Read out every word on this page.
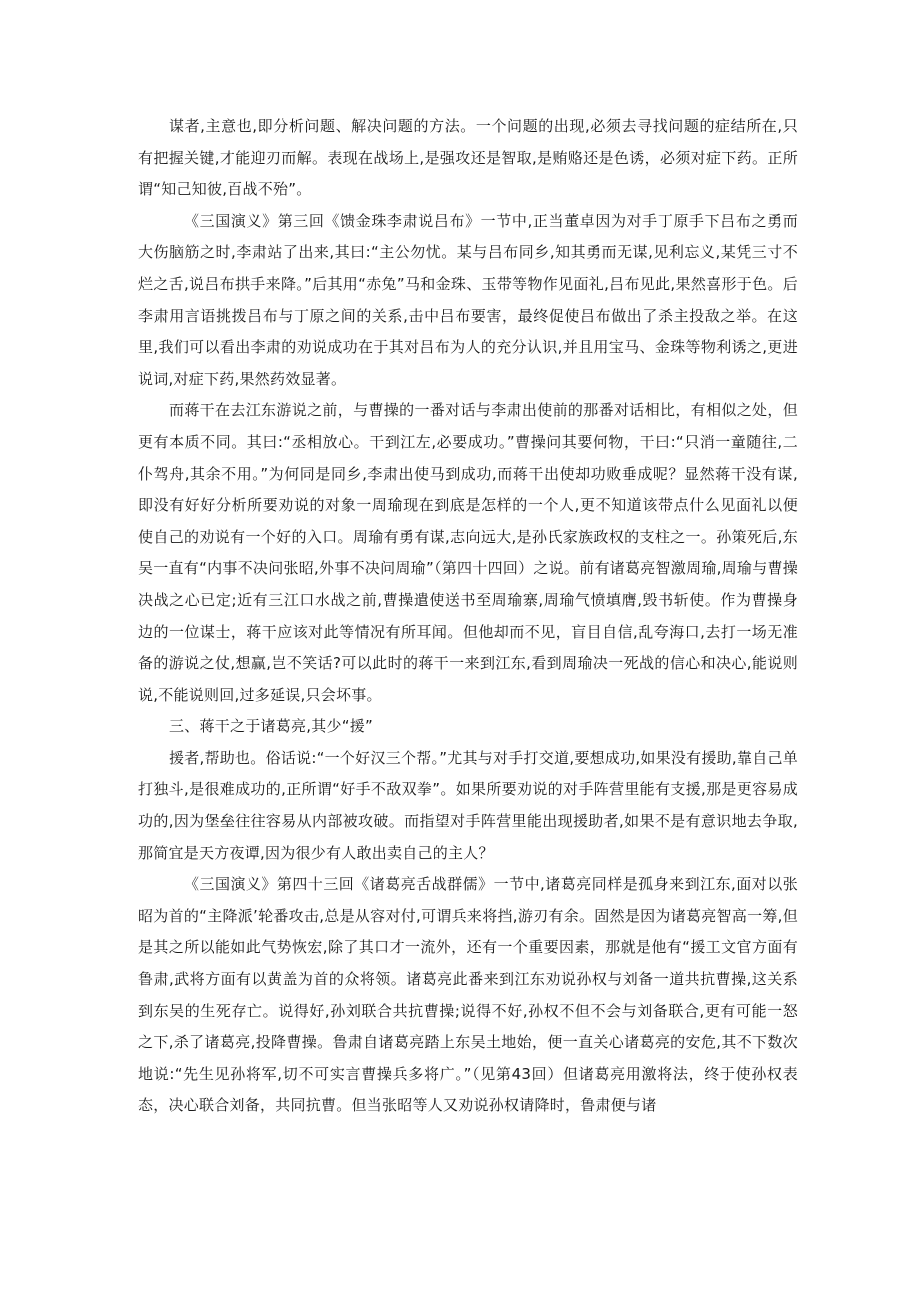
谋者,主意也,即分析问题、解决问题的方法。一个问题的出现,必须去寻找问题的症结所在,只有把握关键,才能迎刃而解。表现在战场上,是强攻还是智取,是贿赂还是色诱，必须对症下药。正所谓“知己知彼,百战不殆”。

《三国演义》第三回《馈金珠李肃说吕布》一节中,正当董卓因为对手丁原手下吕布之勇而大伤脑筋之时,李肃站了出来,其曰:“主公勿忧。某与吕布同乡,知其勇而无谋,见利忘义,某凭三寸不烂之舌,说吕布拱手来降。”后其用“赤兔”马和金珠、玉带等物作见面礼,吕布见此,果然喜形于色。后李肃用言语挑拨吕布与丁原之间的关系,击中吕布要害，最终促使吕布做出了杀主投敌之举。在这里,我们可以看出李肃的劝说成功在于其对吕布为人的充分认识,并且用宝马、金珠等物利诱之,更进说词,对症下药,果然药效显著。

而蒋干在去江东游说之前，与曹操的一番对话与李肃出使前的那番对话相比，有相似之处，但更有本质不同。其曰:“丞相放心。干到江左,必要成功。”曹操问其要何物，干曰:“只消一童随往,二仆驾舟,其余不用。”为何同是同乡,李肃出使马到成功,而蒋干出使却功败垂成呢？显然蒋干没有谋,即没有好好分析所要劝说的对象一周瑜现在到底是怎样的一个人,更不知道该带点什么见面礼以便使自己的劝说有一个好的入口。周瑜有勇有谋,志向远大,是孙氏家族政权的支柱之一。孙策死后,东吴一直有“内事不决问张昭,外事不决问周瑜”（第四十四回）之说。前有诸葛亮智激周瑜,周瑜与曹操决战之心已定;近有三江口水战之前,曹操遣使送书至周瑜寨,周瑜气愤填膺,毁书斩使。作为曹操身边的一位谋士，蒋干应该对此等情况有所耳闻。但他却而不见，盲目自信,乱夸海口,去打一场无准备的游说之仗,想赢,岂不笑话?可以此时的蒋干一来到江东,看到周瑜决一死战的信心和决心,能说则说,不能说则回,过多延误,只会坏事。

三、蒋干之于诸葛亮,其少“援”

援者,帮助也。俗话说:“一个好汉三个帮。”尤其与对手打交道,要想成功,如果没有援助,靠自己单打独斗,是很难成功的,正所谓“好手不敌双拳”。如果所要劝说的对手阵营里能有支援,那是更容易成功的,因为堡垒往往容易从内部被攻破。而指望对手阵营里能出现援助者,如果不是有意识地去争取,那简宜是天方夜谭,因为很少有人敢出卖自己的主人？

《三国演义》第四十三回《诸葛亮舌战群儒》一节中,诸葛亮同样是孤身来到江东,面对以张昭为首的“主降派’轮番攻击,总是从容对付,可谓兵来将挡,游刃有余。固然是因为诸葛亮智高一筹,但是其之所以能如此气势恢宏,除了其口才一流外，还有一个重要因素，那就是他有“援工文官方面有鲁肃,武将方面有以黄盖为首的众将领。诸葛亮此番来到江东劝说孙权与刘备一道共抗曹操,这关系到东吴的生死存亡。说得好,孙刘联合共抗曹操;说得不好,孙权不但不会与刘备联合,更有可能一怒之下,杀了诸葛亮,投降曹操。鲁肃自诸葛亮踏上东吴土地始，便一直关心诸葛亮的安危,其不下数次地说:“先生见孙将军,切不可实言曹操兵多将广。”（见第43回）但诸葛亮用激将法，终于使孙权表态，决心联合刘备，共同抗曹。但当张昭等人又劝说孙权请降时，鲁肃便与诸
